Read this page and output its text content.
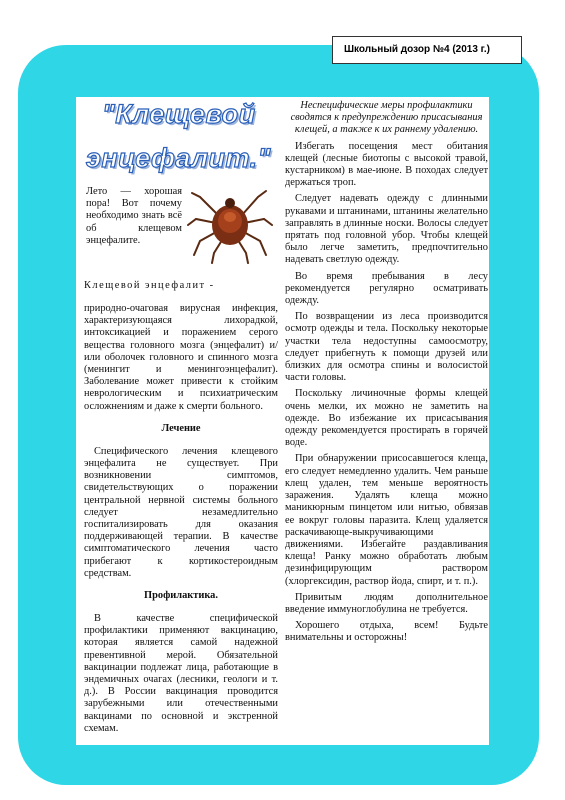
Школьный дозор №4 (2013 г.)
"Клещевой
энцефалит."
Лето — хорошая пора! Вот почему необходимо знать всё об клещевом энцефалите.

Клещевой энцефалит -

природно-очаговая вирусная инфекция, характеризующаяся лихорадкой, интоксикацией и поражением серого вещества головного мозга (энцефалит) и/или оболочек головного и спинного мозга (менингит и менингоэнцефалит). Заболевание может привести к стойким неврологическим и психиатрическим осложнениям и даже к смерти больного.

Лечение

Специфического лечения клещевого энцефалита не существует. При возникновении симптомов, свидетельствующих о поражении центральной нервной системы больного следует незамедлительно госпитализировать для оказания поддерживающей терапии. В качестве симптоматического лечения часто прибегают к кортикостероидным средствам.

Профилактика.

В качестве специфической профилактики применяют вакцинацию, которая является самой надежной превентивной мерой. Обязательной вакцинации подлежат лица, работающие в эндемичных очагах (лесники, геологи и т. д.). В России вакцинация проводится зарубежными или отечественными вакцинами по основной и экстренной схемам.

Неспецифические меры профилактики сводятся к предупреждению присасывания клещей, а также к их раннему удалению.

Избегать посещения мест обитания клещей (лесные биотопы с высокой травой, кустарником) в мае-июне. В походах следует держаться троп.

Следует надевать одежду с длинными рукавами и штанинами, штанины желательно заправлять в длинные носки. Волосы следует прятать под головной убор. Чтобы клещей было легче заметить, предпочтительно надевать светлую одежду.

Во время пребывания в лесу рекомендуется регулярно осматривать одежду.

По возвращении из леса производится осмотр одежды и тела. Поскольку некоторые участки тела недоступны самоосмотру, следует прибегнуть к помощи друзей или близких для осмотра спины и волосистой части головы.

Поскольку личиночные формы клещей очень мелки, их можно не заметить на одежде. Во избежание их присасывания одежду рекомендуется простирать в горячей воде.

При обнаружении присосавшегося клеща, его следует немедленно удалить. Чем раньше клещ удален, тем меньше вероятность заражения. Удалять клеща можно маникюрным пинцетом или нитью, обвязав ее вокруг головы паразита. Клещ удаляется раскачивающе-выкручивающими движениями. Избегайте раздавливания клеща! Ранку можно обработать любым дезинфицирующим раствором (хлоргексидин, раствор йода, спирт, и т. п.).

Привитым людям дополнительное введение иммуноглобулина не требуется.

Хорошего отдыха, всем! Будьте внимательны и осторожны!
